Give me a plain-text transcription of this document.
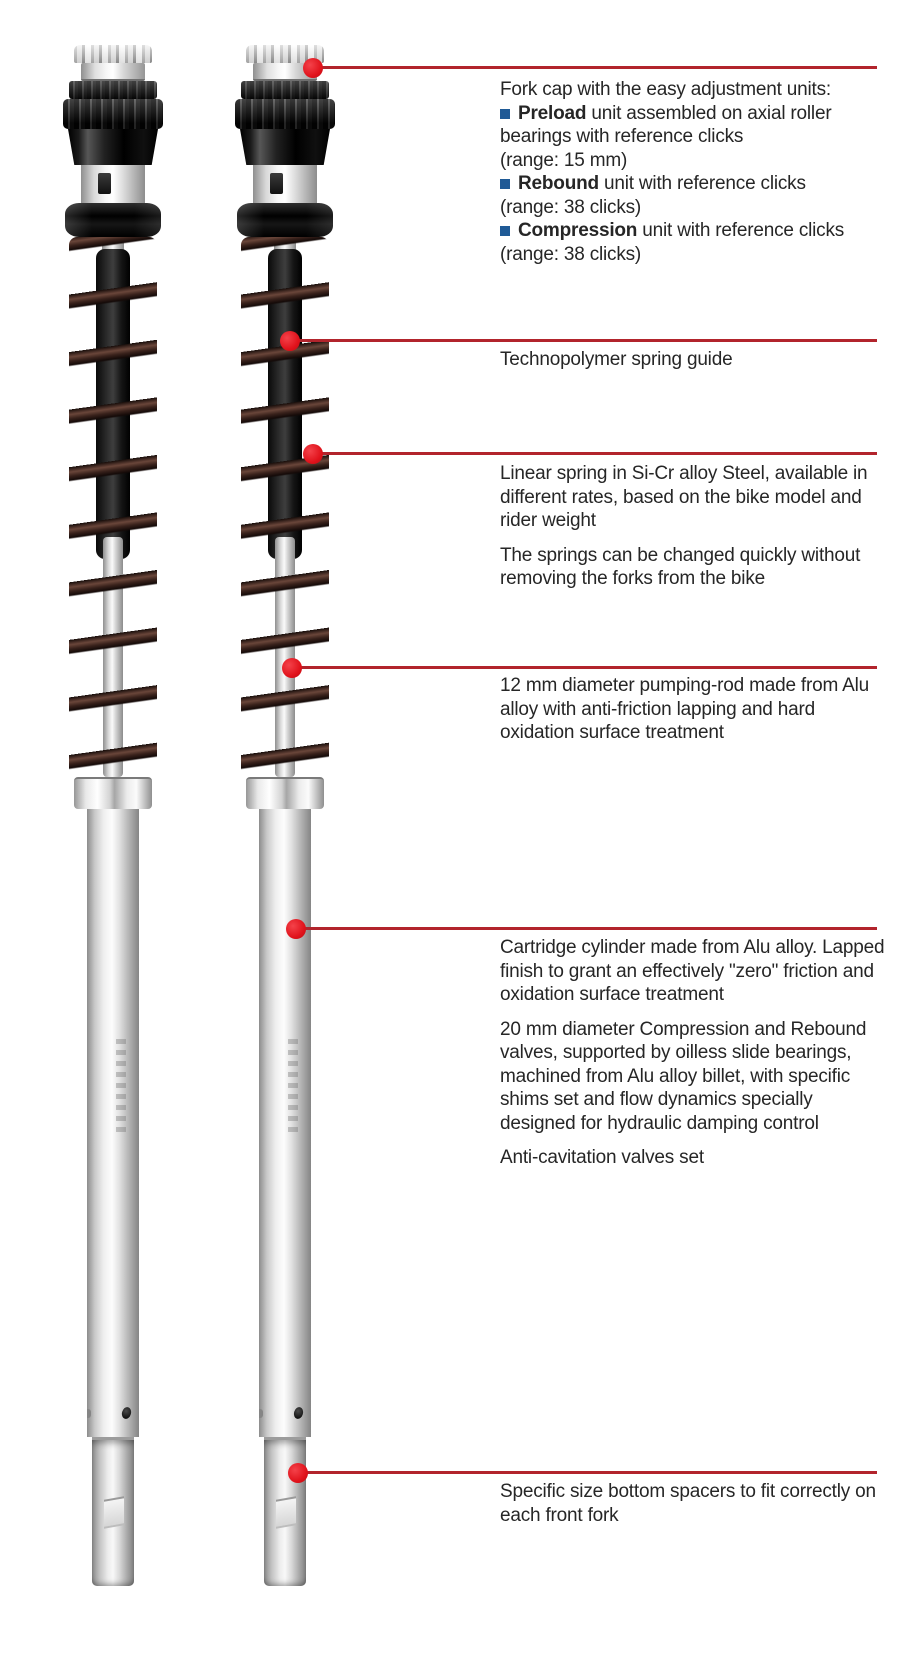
Fork cap with the easy adjustment units:
Preload unit assembled on axial roller bearings with reference clicks
(range: 15 mm)
Rebound unit with reference clicks
(range: 38 clicks)
Compression unit with reference clicks
(range: 38 clicks)

Technopolymer spring guide

Linear spring in Si-Cr alloy Steel, available in different rates, based on the bike model and rider weight

The springs can be changed quickly without removing the forks from the bike

12 mm diameter pumping-rod made from Alu alloy with anti-friction lapping and hard oxidation surface treatment

Cartridge cylinder made from Alu alloy. Lapped finish to grant an effectively "zero" friction and oxidation surface treatment

20 mm diameter Compression and Rebound valves, supported by oilless slide bearings, machined from Alu alloy billet, with specific shims set and flow dynamics specially designed for hydraulic damping control

Anti-cavitation valves set

Specific size bottom spacers to fit correctly on each front fork
